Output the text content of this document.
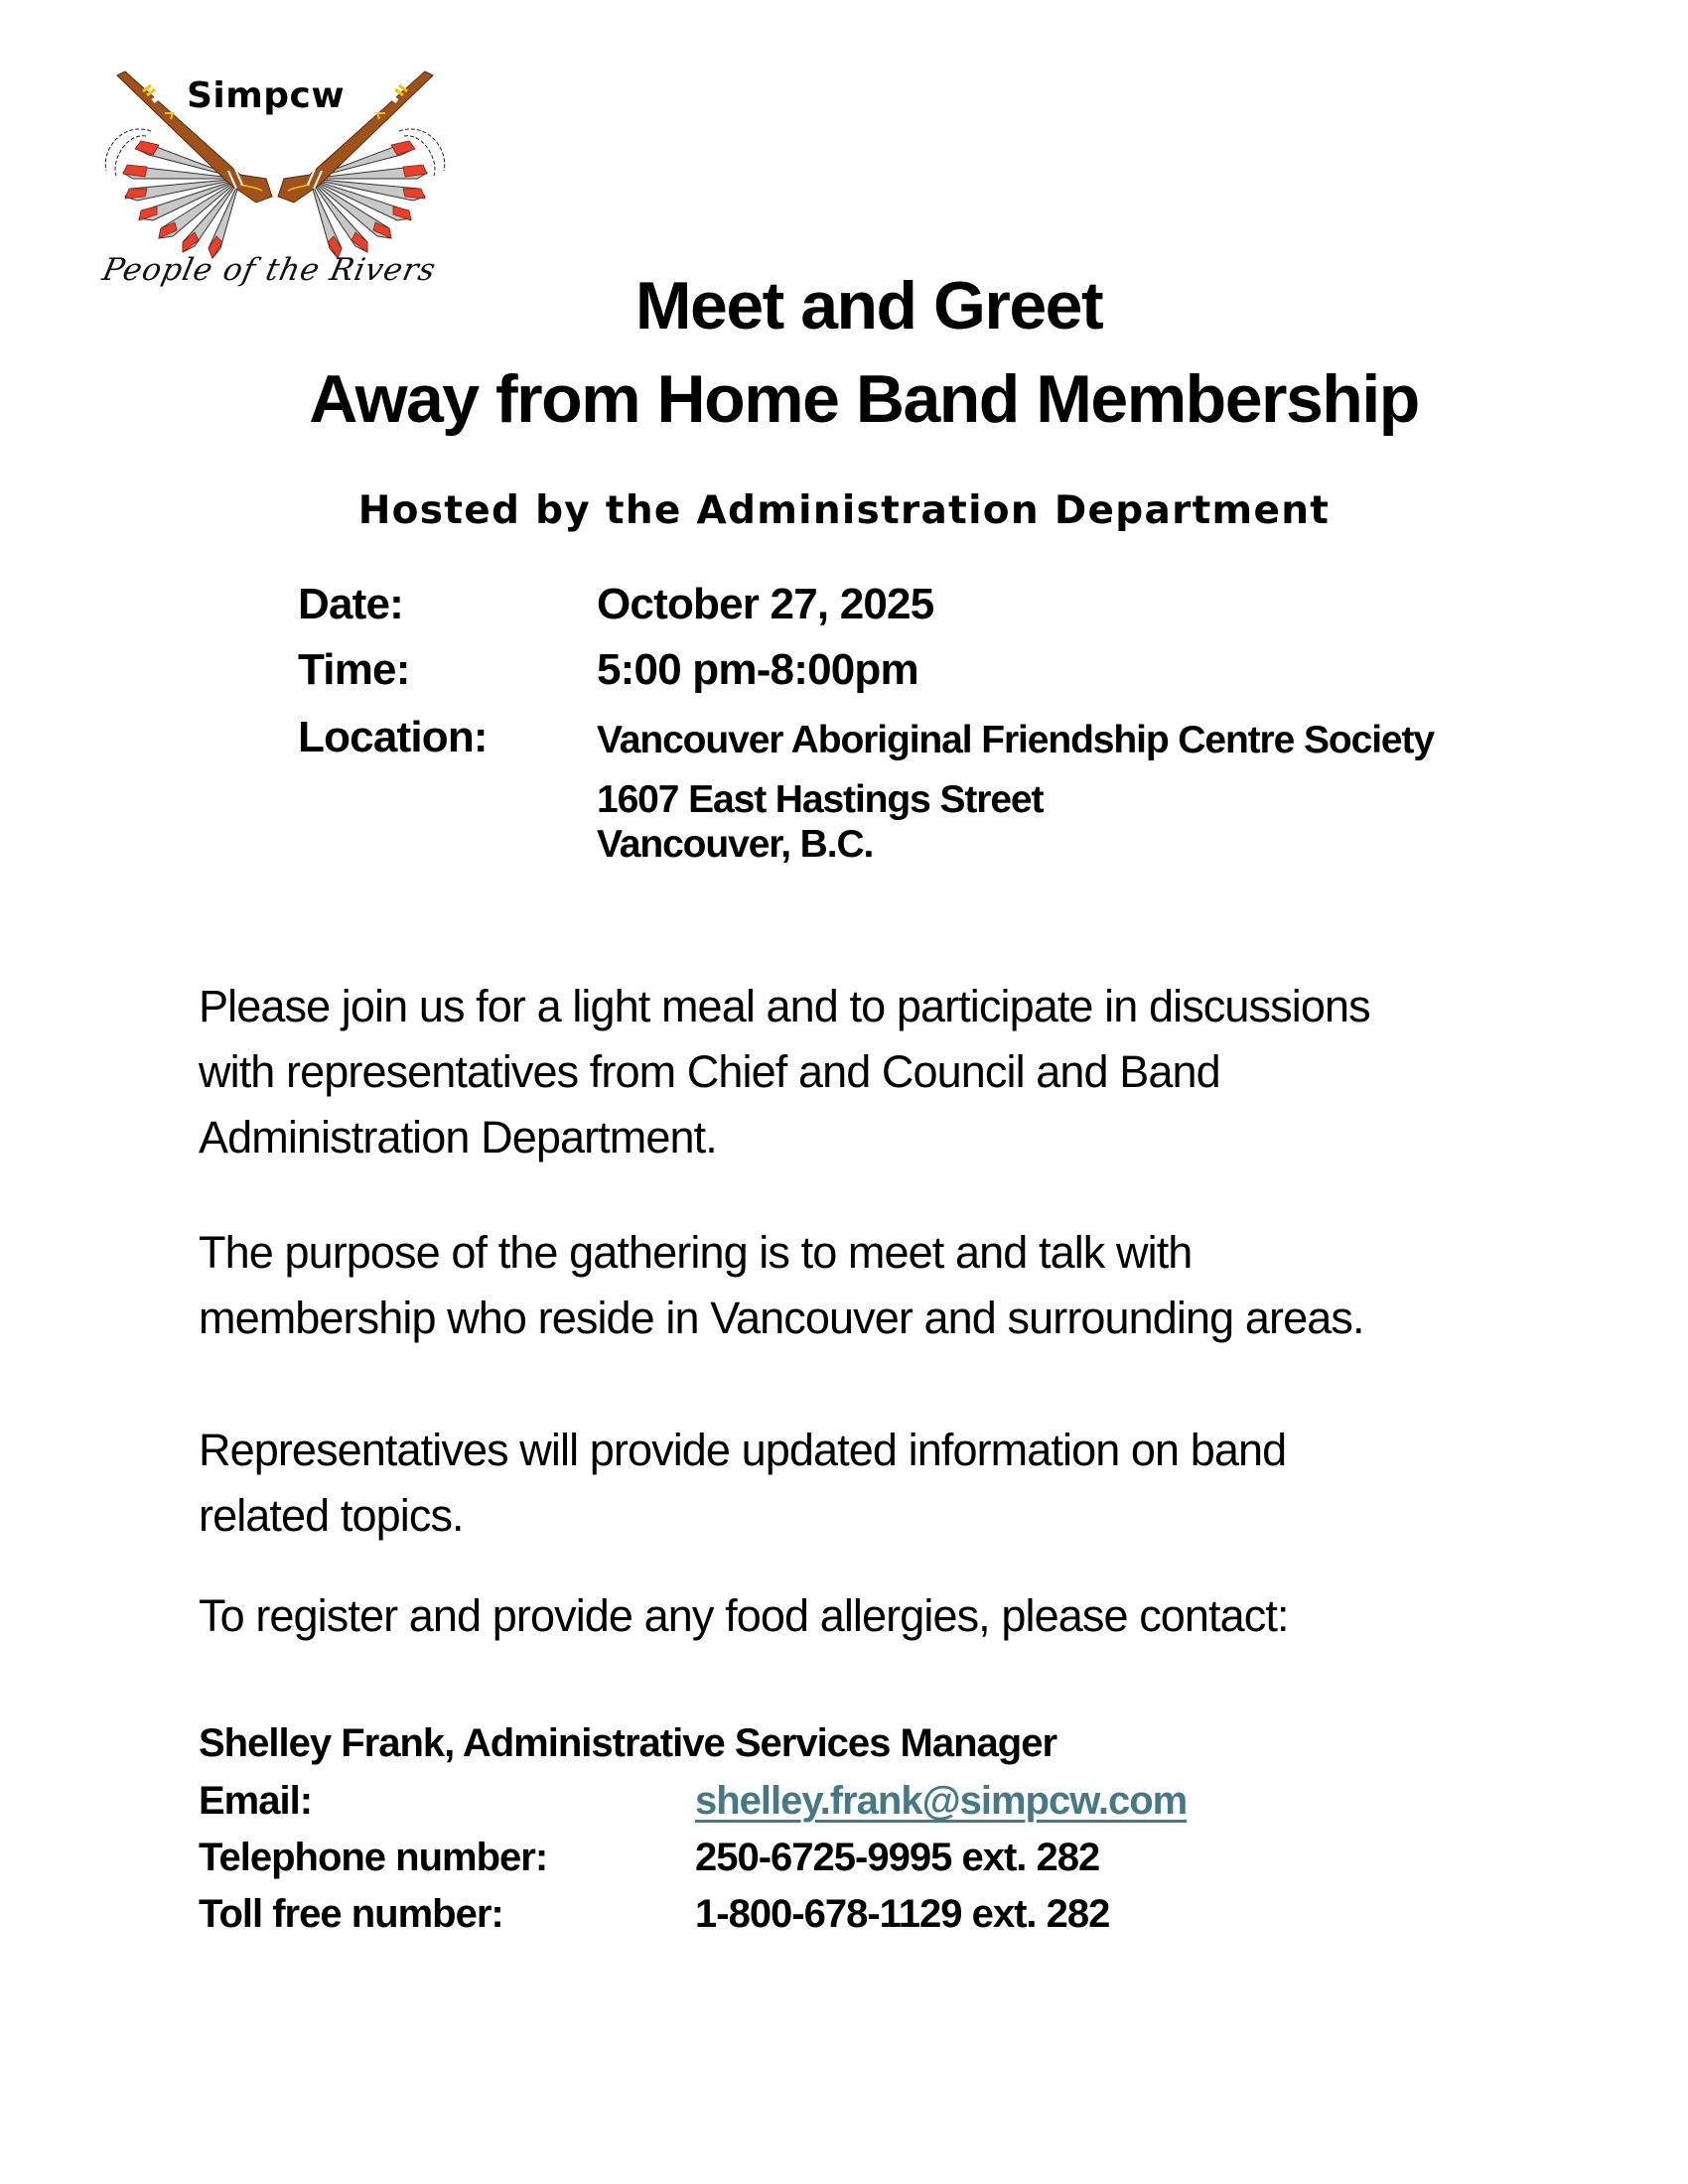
Simpcw
People of the Rivers	Meet and Greet
Away from Home Band Membership
Hosted by the Administration Department
Date:	October 27, 2025
Time:	5:00 pm-8:00pm
Location:	Vancouver Aboriginal Friendship Centre Society
1607 East Hastings Street
Vancouver, B.C.
Please join us for a light meal and to participate in discussions
with representatives from Chief and Council and Band
Administration Department.
The purpose of the gathering is to meet and talk with
membership who reside in Vancouver and surrounding areas.
Representatives will provide updated information on band
related topics.
To register and provide any food allergies, please contact:
Shelley Frank, Administrative Services Manager
Email:	shelley.frank@simpcw.com
Telephone number:	250-6725-9995 ext. 282
Toll free number:	1-800-678-1129 ext. 282
